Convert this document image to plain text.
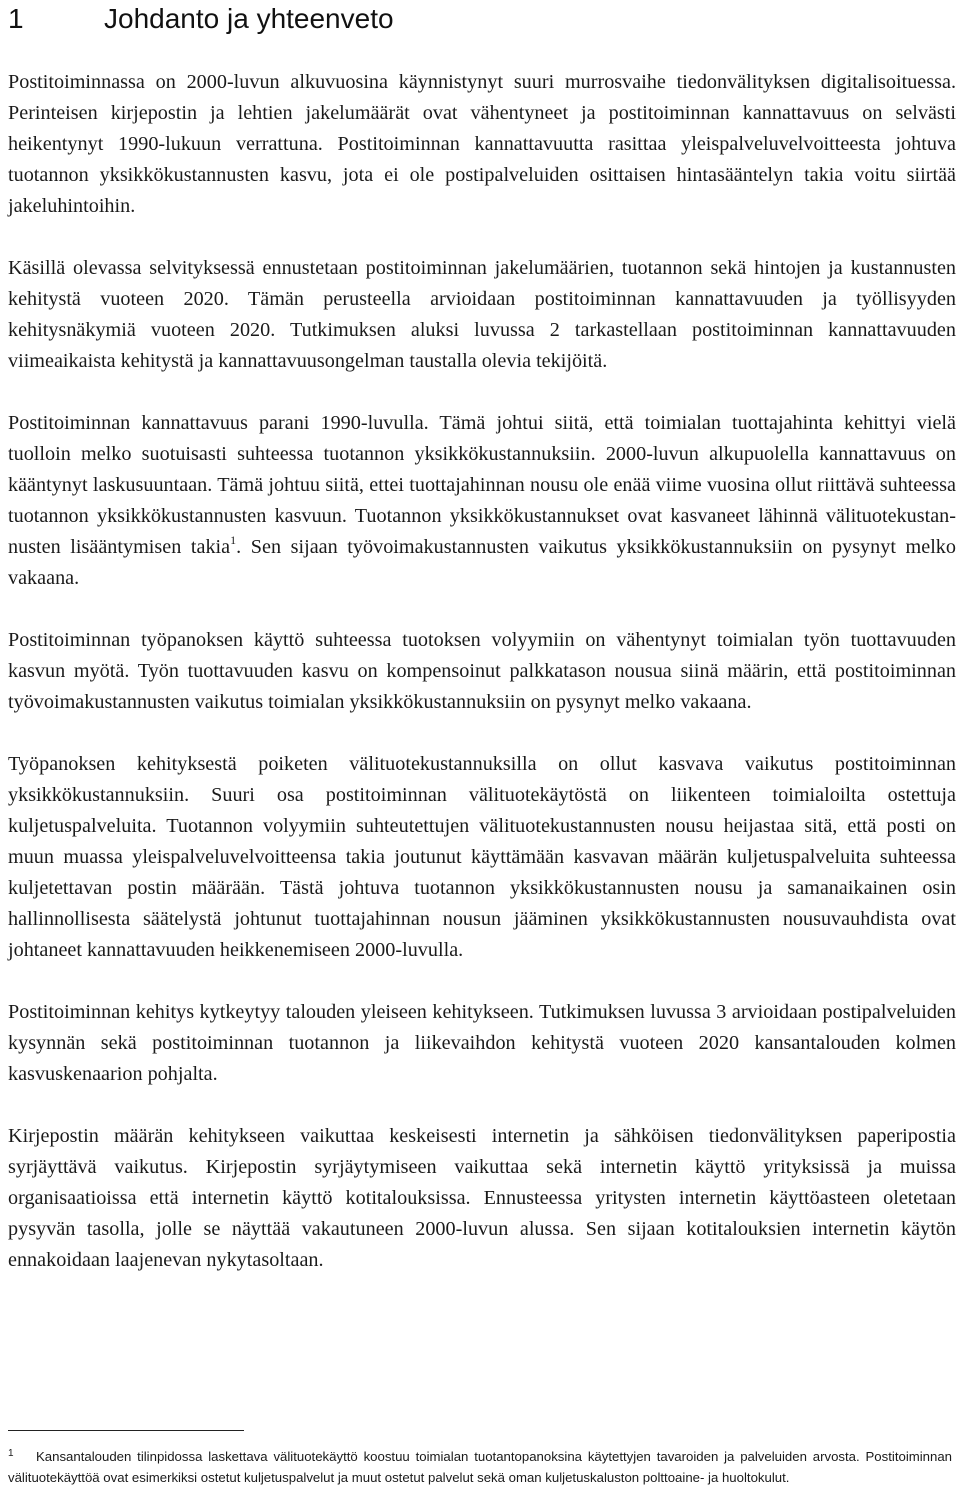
1	Johdanto ja yhteenveto

Postitoiminnassa on 2000-luvun alkuvuosina käynnistynyt suuri murrosvaihe tiedonvälityksen digitalisoituessa. Perinteisen kirjepostin ja lehtien jakelumäärät ovat vähentyneet ja postitoiminnan kannattavuus on selvästi heikentynyt 1990-lukuun verrattuna. Postitoiminnan kannattavuutta rasittaa yleispalveluvelvoitteesta johtuva tuotannon yksikkökustannusten kasvu, jota ei ole postipalveluiden osittaisen hintasääntelyn takia voitu siirtää jakeluhintoihin.

Käsillä olevassa selvityksessä ennustetaan postitoiminnan jakelumäärien, tuotannon sekä hintojen ja kustannusten kehitystä vuoteen 2020. Tämän perusteella arvioidaan postitoiminnan kannattavuuden ja työllisyyden kehitysnäkymiä vuoteen 2020. Tutkimuksen aluksi luvussa 2 tarkastellaan postitoiminnan kannattavuuden viimeaikaista kehitystä ja kannattavuusongelman taustalla olevia tekijöitä.

Postitoiminnan kannattavuus parani 1990-luvulla. Tämä johtui siitä, että toimialan tuottajahinta kehittyi vielä tuolloin melko suotuisasti suhteessa tuotannon yksikkökustannuksiin. 2000-luvun alkupuolella kannattavuus on kääntynyt laskusuuntaan. Tämä johtuu siitä, ettei tuottajahinnan nousu ole enää viime vuosina ollut riittävä suhteessa tuotannon yksikkökustannusten kasvuun. Tuotannon yksikkökustannukset ovat kasvaneet lähinnä välituotekustannusten lisääntymisen takia$^1$. Sen sijaan työvoimakustannusten vaikutus yksikkökustannuksiin on pysynyt melko vakaana.

Postitoiminnan työpanoksen käyttö suhteessa tuotoksen volyymiin on vähentynyt toimialan työn tuottavuuden kasvun myötä. Työn tuottavuuden kasvu on kompensoinut palkkatason nousua siinä määrin, että postitoiminnan työvoimakustannusten vaikutus toimialan yksikkökustannuksiin on pysynyt melko vakaana.

Työpanoksen kehityksestä poiketen välituotekustannuksilla on ollut kasvava vaikutus postitoiminnan yksikkökustannuksiin. Suuri osa postitoiminnan välituotekäytöstä on liikenteen toimialoilta ostettuja kuljetuspalveluita. Tuotannon volyymiin suhteutettujen välituotekustannusten nousu heijastaa sitä, että posti on muun muassa yleispalveluvelvoitteensa takia joutunut käyttämään kasvavan määrän kuljetuspalveluita suhteessa kuljetettavan postin määrään. Tästä johtuva tuotannon yksikkökustannusten nousu ja samanaikainen osin hallinnollisesta säätelystä johtunut tuottajahinnan nousun jääminen yksikkökustannusten nousuvauhdista ovat johtaneet kannattavuuden heikkenemiseen 2000-luvulla.

Postitoiminnan kehitys kytkeytyy talouden yleiseen kehitykseen. Tutkimuksen luvussa 3 arvioidaan postipalveluiden kysynnän sekä postitoiminnan tuotannon ja liikevaihdon kehitystä vuoteen 2020 kansantalouden kolmen kasvuskenaarion pohjalta.

Kirjepostin määrän kehitykseen vaikuttaa keskeisesti internetin ja sähköisen tiedonvälityksen paperipostia syrjäyttävä vaikutus. Kirjepostin syrjäytymiseen vaikuttaa sekä internetin käyttö yrityksissä ja muissa organisaatioissa että internetin käyttö kotitalouksissa. Ennusteessa yritysten internetin käyttöasteen oletetaan pysyvän tasolla, jolle se näyttää vakautuneen 2000-luvun alussa. Sen sijaan kotitalouksien internetin käytön ennakoidaan laajenevan nykytasoltaan.

1	Kansantalouden tilinpidossa laskettava välituotekäyttö koostuu toimialan tuotantopanoksina käytettyjen tavaroiden ja palveluiden arvosta. Postitoiminnan välituotekäyttöä ovat esimerkiksi ostetut kuljetuspalvelut ja muut ostetut palvelut sekä oman kuljetuskaluston polttoaine- ja huoltokulut.
